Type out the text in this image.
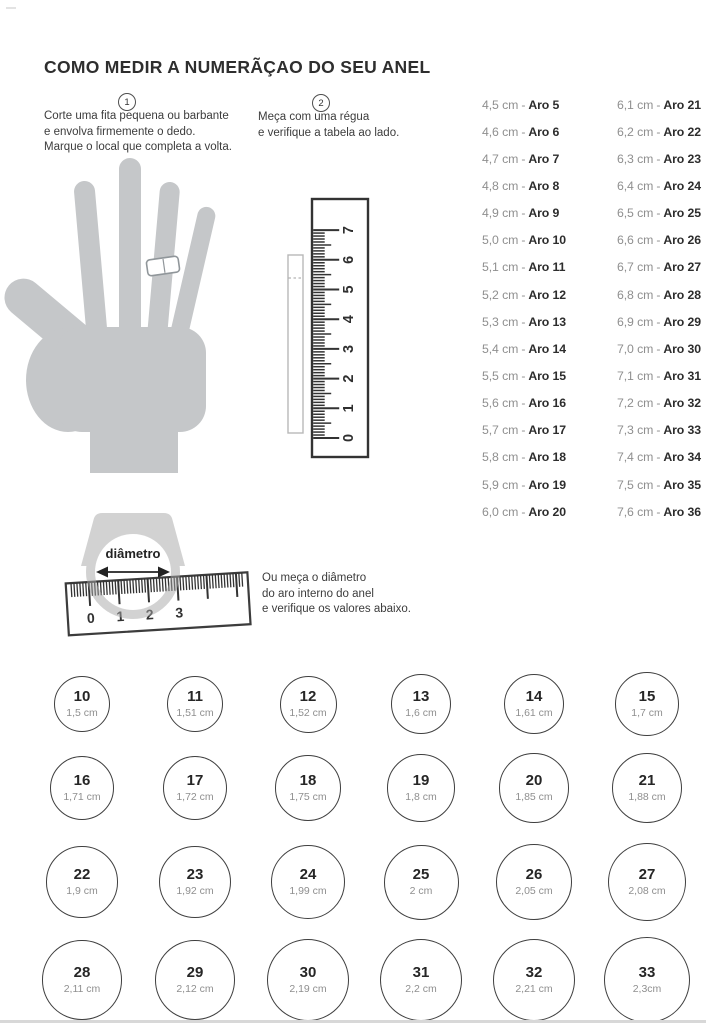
COMO MEDIR A NUMERÃÇAO DO SEU ANEL
1
Corte uma fita pequena ou barbante
e envolva firmemente o dedo.
Marque o local que completa a volta.
2
Meça com uma régua
e verifique a tabela ao lado.
4,5 cm - Aro 5
4,6 cm - Aro 6
4,7 cm - Aro 7
4,8 cm - Aro 8
4,9 cm - Aro 9
5,0 cm - Aro 10
5,1 cm - Aro 11
5,2 cm - Aro 12
5,3 cm - Aro 13
5,4 cm - Aro 14
5,5 cm - Aro 15
5,6 cm - Aro 16
5,7 cm - Aro 17
5,8 cm - Aro 18
5,9 cm - Aro 19
6,0 cm - Aro 20
6,1 cm - Aro 21
6,2 cm - Aro 22
6,3 cm - Aro 23
6,4 cm - Aro 24
6,5 cm - Aro 25
6,6 cm - Aro 26
6,7 cm - Aro 27
6,8 cm - Aro 28
6,9 cm - Aro 29
7,0 cm - Aro 30
7,1 cm - Aro 31
7,2 cm - Aro 32
7,3 cm - Aro 33
7,4 cm - Aro 34
7,5 cm - Aro 35
7,6 cm - Aro 36
0
1
2
3
4
5
6
7
0	3
diâmetro
Ou meça o diâmetro
do aro interno do anel
e verifique os valores abaixo.
10
1,5 cm
11
1,51 cm
12
1,52 cm
13
1,6 cm
14
1,61 cm
15
1,7 cm
16
1,71 cm
17
1,72 cm
18
1,75 cm
19
1,8 cm
20
1,85 cm
21
1,88 cm
22
1,9 cm
23
1,92 cm
24
1,99 cm
25
2 cm
26
2,05 cm
27
2,08 cm
28
2,11 cm
29
2,12 cm
30
2,19 cm
31
2,2 cm
32
2,21 cm
33
2,3cm
